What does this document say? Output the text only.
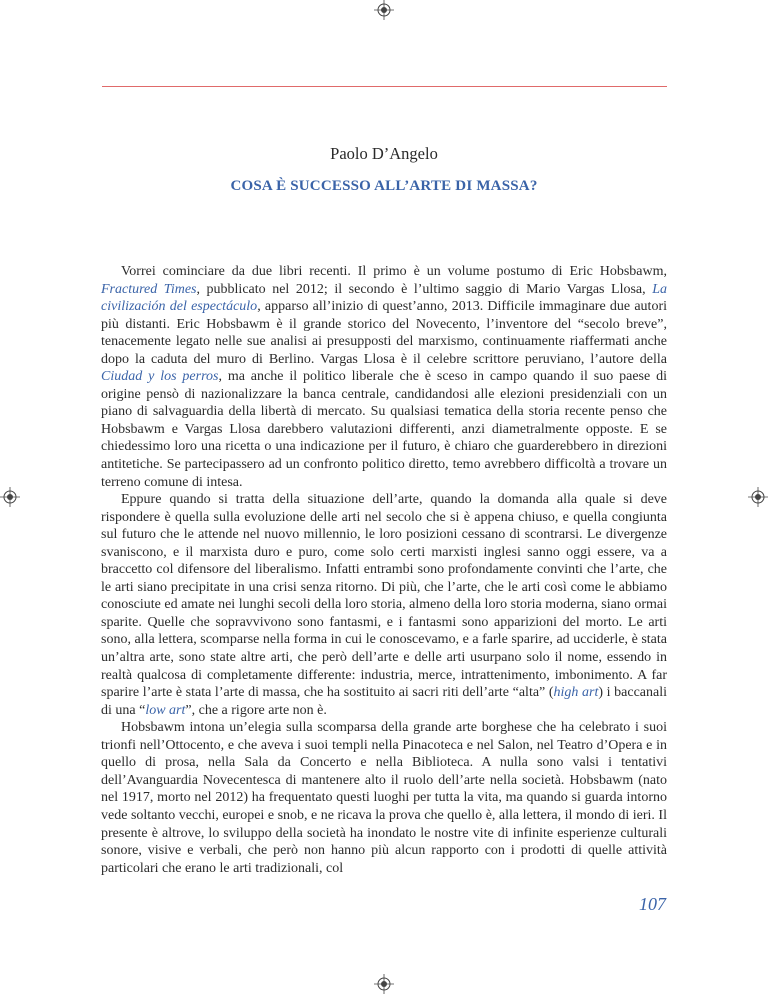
Paolo D’Angelo
COSA È SUCCESSO ALL’ARTE DI MASSA?

Vorrei cominciare da due libri recenti. Il primo è un volume postumo di Eric Hobsbawm, Fractured Times, pubblicato nel 2012; il secondo è l’ultimo saggio di Mario Vargas Llosa, La civilización del espectáculo, apparso all’inizio di quest’anno, 2013. Difficile immaginare due autori più distanti. Eric Hobsbawm è il grande storico del Novecento, l’inventore del “secolo breve”, tenacemente legato nelle sue analisi ai presupposti del marxismo, continuamente riaffermati anche dopo la caduta del muro di Berlino. Vargas Llosa è il celebre scrittore peruviano, l’autore della Ciudad y los perros, ma anche il politico liberale che è sceso in campo quando il suo paese di origine pensò di nazionalizzare la banca centrale, candidandosi alle elezioni presidenziali con un piano di salvaguardia della libertà di mercato. Su qualsiasi tematica della storia recente penso che Hobsbawm e Vargas Llosa darebbero valutazioni differenti, anzi diametralmente opposte. E se chiedessimo loro una ricetta o una indicazione per il futuro, è chiaro che guarderebbero in direzioni antitetiche. Se partecipassero ad un confronto politico diretto, temo avrebbero difficoltà a trovare un terreno comune di intesa.

Eppure quando si tratta della situazione dell’arte, quando la domanda alla quale si deve rispondere è quella sulla evoluzione delle arti nel secolo che si è appena chiuso, e quella congiunta sul futuro che le attende nel nuovo millennio, le loro posizioni cessano di scontrarsi. Le divergenze svaniscono, e il marxista duro e puro, come solo certi marxisti inglesi sanno oggi essere, va a braccetto col difensore del liberalismo. Infatti entrambi sono profondamente convinti che l’arte, che le arti siano precipitate in una crisi senza ritorno. Di più, che l’arte, che le arti così come le abbiamo conosciute ed amate nei lunghi secoli della loro storia, almeno della loro storia moderna, siano ormai sparite. Quelle che sopravvivono sono fantasmi, e i fantasmi sono apparizioni del morto. Le arti sono, alla lettera, scomparse nella forma in cui le conoscevamo, e a farle sparire, ad ucciderle, è stata un’altra arte, sono state altre arti, che però dell’arte e delle arti usurpano solo il nome, essendo in realtà qualcosa di completamente differente: industria, merce, intrattenimento, imbonimento. A far sparire l’arte è stata l’arte di massa, che ha sostituito ai sacri riti dell’arte “alta” (high art) i baccanali di una “low art”, che a rigore arte non è.

Hobsbawm intona un’elegia sulla scomparsa della grande arte borghese che ha celebrato i suoi trionfi nell’Ottocento, e che aveva i suoi templi nella Pinacoteca e nel Salon, nel Teatro d’Opera e in quello di prosa, nella Sala da Concerto e nella Biblioteca. A nulla sono valsi i tentativi dell’Avanguardia Novecentesca di mantenere alto il ruolo dell’arte nella società. Hobsbawm (nato nel 1917, morto nel 2012) ha frequentato questi luoghi per tutta la vita, ma quando si guarda intorno vede soltanto vecchi, europei e snob, e ne ricava la prova che quello è, alla lettera, il mondo di ieri. Il presente è altrove, lo sviluppo della società ha inondato le nostre vite di infinite esperienze culturali sonore, visive e verbali, che però non hanno più alcun rapporto con i prodotti di quelle attività particolari che erano le arti tradizionali, col

107
